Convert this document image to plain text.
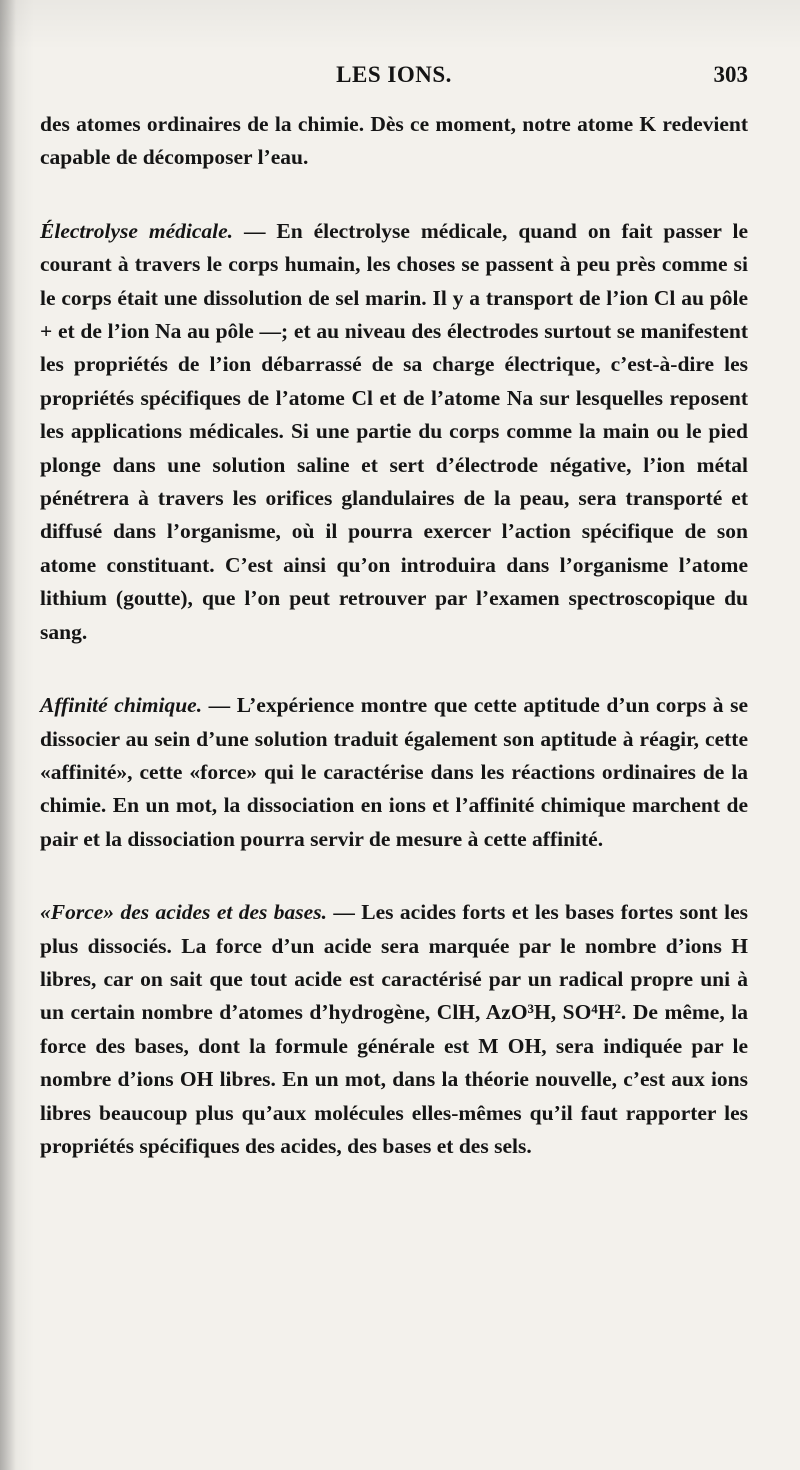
LES IONS.	303

des atomes ordinaires de la chimie. Dès ce moment, notre atome K redevient capable de décomposer l’eau.

Électrolyse médicale. — En électrolyse médicale, quand on fait passer le courant à travers le corps humain, les choses se passent à peu près comme si le corps était une dissolution de sel marin. Il y a transport de l’ion Cl au pôle + et de l’ion Na au pôle —; et au niveau des électrodes surtout se manifestent les propriétés de l’ion débarrassé de sa charge électrique, c’est-à-dire les propriétés spécifiques de l’atome Cl et de l’atome Na sur lesquelles reposent les applications médicales. Si une partie du corps comme la main ou le pied plonge dans une solution saline et sert d’électrode négative, l’ion métal pénétrera à travers les orifices glandulaires de la peau, sera transporté et diffusé dans l’organisme, où il pourra exercer l’action spécifique de son atome constituant. C’est ainsi qu’on introduira dans l’organisme l’atome lithium (goutte), que l’on peut retrouver par l’examen spectroscopique du sang.

Affinité chimique. — L’expérience montre que cette aptitude d’un corps à se dissocier au sein d’une solution traduit également son aptitude à réagir, cette «affinité», cette «force» qui le caractérise dans les réactions ordinaires de la chimie. En un mot, la dissociation en ions et l’affinité chimique marchent de pair et la dissociation pourra servir de mesure à cette affinité.

«Force» des acides et des bases. — Les acides forts et les bases fortes sont les plus dissociés. La force d’un acide sera marquée par le nombre d’ions H libres, car on sait que tout acide est caractérisé par un radical propre uni à un certain nombre d’atomes d’hydrogène, ClH, AzO³H, SO⁴H². De même, la force des bases, dont la formule générale est M OH, sera indiquée par le nombre d’ions OH libres. En un mot, dans la théorie nouvelle, c’est aux ions libres beaucoup plus qu’aux molécules elles-mêmes qu’il faut rapporter les propriétés spécifiques des acides, des bases et des sels.
